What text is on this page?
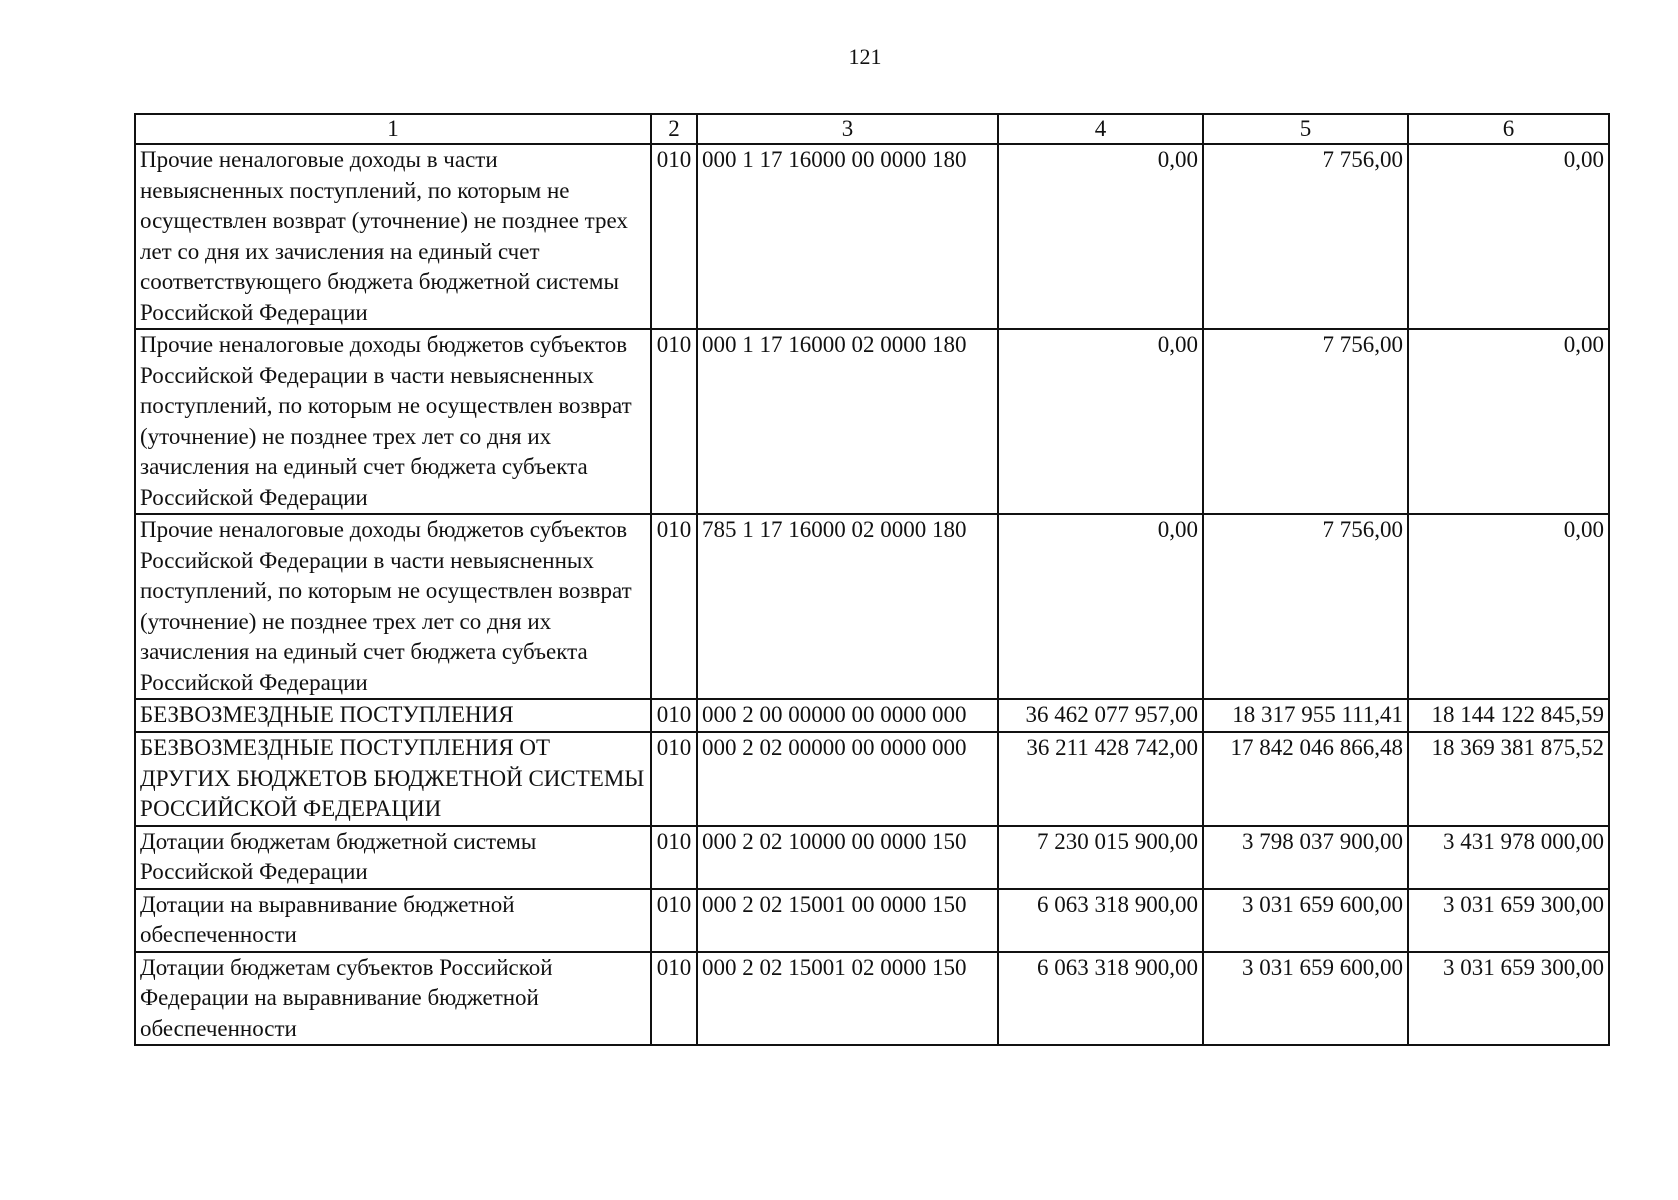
121
1	2	3	4	5	6
Прочие неналоговые доходы в части невыясненных поступлений, по которым не осуществлен возврат (уточнение) не позднее трех лет со дня их зачисления на единый счет соответствующего бюджета бюджетной системы Российской Федерации	010	000 1 17 16000 00 0000 180	0,00	7 756,00	0,00
Прочие неналоговые доходы бюджетов субъектов Российской Федерации в части невыясненных поступлений, по которым не осуществлен возврат (уточнение) не позднее трех лет со дня их зачисления на единый счет бюджета субъекта Российской Федерации	010	000 1 17 16000 02 0000 180	0,00	7 756,00	0,00
Прочие неналоговые доходы бюджетов субъектов Российской Федерации в части невыясненных поступлений, по которым не осуществлен возврат (уточнение) не позднее трех лет со дня их зачисления на единый счет бюджета субъекта Российской Федерации	010	785 1 17 16000 02 0000 180	0,00	7 756,00	0,00
БЕЗВОЗМЕЗДНЫЕ ПОСТУПЛЕНИЯ	010	000 2 00 00000 00 0000 000	36 462 077 957,00	18 317 955 111,41	18 144 122 845,59
БЕЗВОЗМЕЗДНЫЕ ПОСТУПЛЕНИЯ ОТ ДРУГИХ БЮДЖЕТОВ БЮДЖЕТНОЙ СИСТЕМЫ РОССИЙСКОЙ ФЕДЕРАЦИИ	010	000 2 02 00000 00 0000 000	36 211 428 742,00	17 842 046 866,48	18 369 381 875,52
Дотации бюджетам бюджетной системы Российской Федерации	010	000 2 02 10000 00 0000 150	7 230 015 900,00	3 798 037 900,00	3 431 978 000,00
Дотации на выравнивание бюджетной обеспеченности	010	000 2 02 15001 00 0000 150	6 063 318 900,00	3 031 659 600,00	3 031 659 300,00
Дотации бюджетам субъектов Российской Федерации на выравнивание бюджетной обеспеченности	010	000 2 02 15001 02 0000 150	6 063 318 900,00	3 031 659 600,00	3 031 659 300,00
